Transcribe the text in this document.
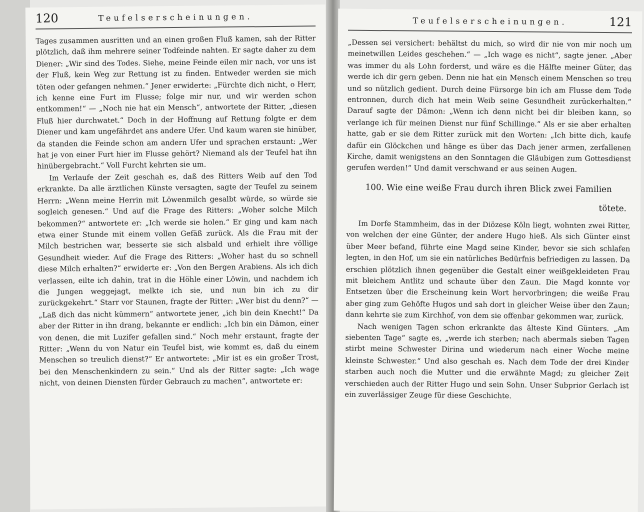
120	Teufelserscheinungen.

Tages zusammen ausritten und an einen großen Fluß kamen, sah der Ritter plötzlich, daß ihm mehrere seiner Todfeinde nahten. Er sagte daher zu dem Diener: „Wir sind des Todes. Siehe, meine Feinde eilen mir nach, vor uns ist der Fluß, kein Weg zur Rettung ist zu finden. Entweder werden sie mich töten oder gefangen nehmen.“ Jener erwiderte: „Fürchte dich nicht, o Herr, ich kenne eine Furt im Flusse; folge mir nur, und wir werden schon entkommen!“ — „Noch nie hat ein Mensch“, antwortete der Ritter, „diesen Fluß hier durchwatet.“ Doch in der Hoffnung auf Rettung folgte er dem Diener und kam ungefährdet ans andere Ufer. Und kaum waren sie hinüber, da standen die Feinde schon am andern Ufer und sprachen erstaunt: „Wer hat je von einer Furt hier im Flusse gehört? Niemand als der Teufel hat ihn hinübergebracht.“ Voll Furcht kehrten sie um.

Im Verlaufe der Zeit geschah es, daß des Ritters Weib auf den Tod erkrankte. Da alle ärztlichen Künste versagten, sagte der Teufel zu seinem Herrn: „Wenn meine Herrin mit Löwenmilch gesalbt würde, so würde sie sogleich genesen.“ Und auf die Frage des Ritters: „Woher solche Milch bekommen?“ antwortete er: „Ich werde sie holen.“ Er ging und kam nach etwa einer Stunde mit einem vollen Gefäß zurück. Als die Frau mit der Milch bestrichen war, besserte sie sich alsbald und erhielt ihre völlige Gesundheit wieder. Auf die Frage des Ritters: „Woher hast du so schnell diese Milch erhalten?“ erwiderte er: „Von den Bergen Arabiens. Als ich dich verlassen, eilte ich dahin, trat in die Höhle einer Löwin, und nachdem ich die Jungen weggejagt, melkte ich sie, und nun bin ich zu dir zurückgekehrt.“ Starr vor Staunen, fragte der Ritter: „Wer bist du denn?“ — „Laß dich das nicht kümmern“ antwortete jener, „ich bin dein Knecht!“ Da aber der Ritter in ihn drang, bekannte er endlich: „Ich bin ein Dämon, einer von denen, die mit Luzifer gefallen sind.“ Noch mehr erstaunt, fragte der Ritter: „Wenn du von Natur ein Teufel bist, wie kommt es, daß du einem Menschen so treulich dienst?“ Er antwortete: „Mir ist es ein großer Trost, bei den Menschenkindern zu sein.“ Und als der Ritter sagte: „Ich wage nicht, von deinen Diensten fürder Gebrauch zu machen“, antwortete er:

Teufelserscheinungen.	121

„Dessen sei versichert: behältst du mich, so wird dir nie von mir noch um meinetwillen Leides geschehen.“ — „Ich wage es nicht“, sagte jener. „Aber was immer du als Lohn forderst, und wäre es die Hälfte meiner Güter, das werde ich dir gern geben. Denn nie hat ein Mensch einem Menschen so treu und so nützlich gedient. Durch deine Fürsorge bin ich am Flusse dem Tode entronnen, durch dich hat mein Weib seine Gesundheit zurückerhalten.“ Darauf sagte der Dämon: „Wenn ich denn nicht bei dir bleiben kann, so verlange ich für meinen Dienst nur fünf Schillinge.“ Als er sie aber erhalten hatte, gab er sie dem Ritter zurück mit den Worten: „Ich bitte dich, kaufe dafür ein Glöckchen und hänge es über das Dach jener armen, zerfallenen Kirche, damit wenigstens an den Sonntagen die Gläubigen zum Gottesdienst gerufen werden!“ Und damit verschwand er aus seinen Augen.

100. Wie eine weiße Frau durch ihren Blick zwei Familien
tötete.

Im Dorfe Stammheim, das in der Diözese Köln liegt, wohnten zwei Ritter, von welchen der eine Günter, der andere Hugo hieß. Als sich Günter einst über Meer befand, führte eine Magd seine Kinder, bevor sie sich schlafen legten, in den Hof, um sie ein natürliches Bedürfnis befriedigen zu lassen. Da erschien plötzlich ihnen gegenüber die Gestalt einer weißgekleideten Frau mit bleichem Antlitz und schaute über den Zaun. Die Magd konnte vor Entsetzen über die Erscheinung kein Wort hervorbringen; die weiße Frau aber ging zum Gehöfte Hugos und sah dort in gleicher Weise über den Zaun; dann kehrte sie zum Kirchhof, von dem sie offenbar gekommen war, zurück.

Nach wenigen Tagen schon erkrankte das älteste Kind Günters. „Am siebenten Tage“ sagte es, „werde ich sterben; nach abermals sieben Tagen stirbt meine Schwester Dirina und wiederum nach einer Woche meine kleinste Schwester.“ Und also geschah es. Nach dem Tode der drei Kinder starben auch noch die Mutter und die erwähnte Magd; zu gleicher Zeit verschieden auch der Ritter Hugo und sein Sohn. Unser Subprior Gerlach ist ein zuverlässiger Zeuge für diese Geschichte.
